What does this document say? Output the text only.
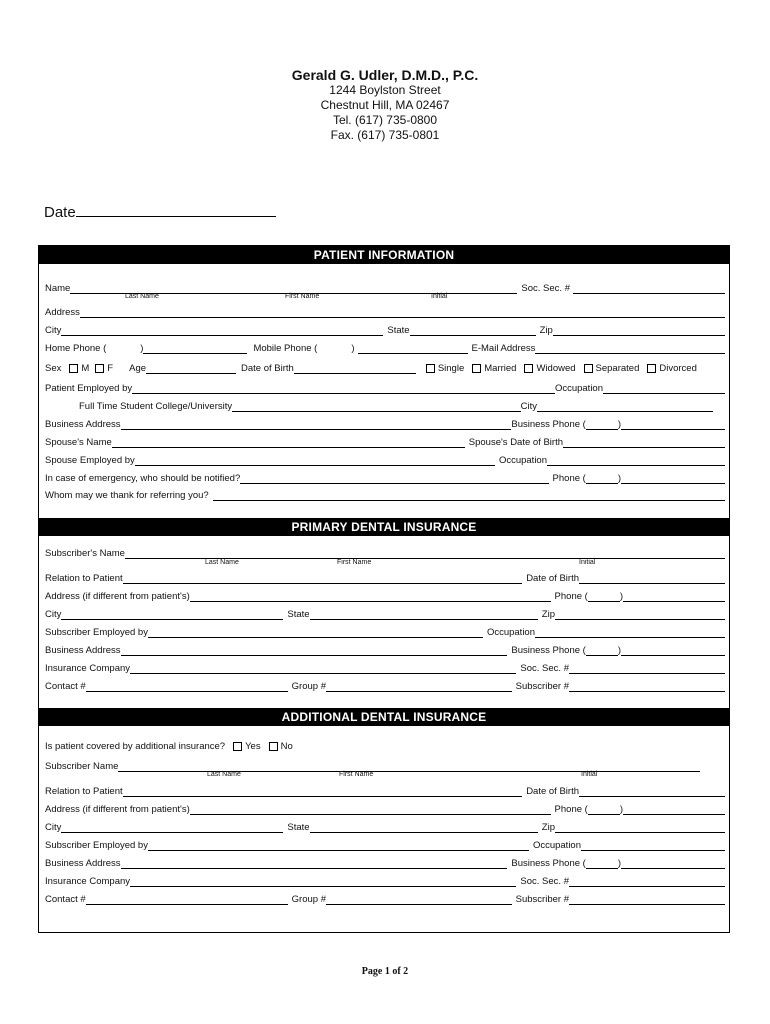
Gerald G. Udler, D.M.D., P.C.
1244 Boylston Street
Chestnut Hill, MA 02467
Tel. (617) 735-0800
Fax. (617) 735-0801
Date
PATIENT INFORMATION
Name	Soc. Sec. #
Last Name	First Name	Initial
Address
City	State	Zip
Home Phone (	)	Mobile Phone (	)	E-Mail Address
Sex M F Age	Date of Birth	Single Married Widowed Separated Divorced
Patient Employed by	Occupation
Full Time Student College/University	City
Business Address	Business Phone (	)
Spouse's Name	Spouse's Date of Birth
Spouse Employed by	Occupation
In case of emergency, who should be notified?	Phone (	)
Whom may we thank for referring you?
PRIMARY DENTAL INSURANCE
Subscriber's Name
Last Name	First Name	Initial
Relation to Patient	Date of Birth
Address (if different from patient's)	Phone (	)
City	State	Zip
Subscriber Employed by	Occupation
Business Address	Business Phone (	)
Insurance Company	Soc. Sec. #
Contact #	Group #	Subscriber #
ADDITIONAL DENTAL INSURANCE
Is patient covered by additional insurance? Yes No
Subscriber Name
Last Name	First Name	Initial
Relation to Patient	Date of Birth
Address (if different from patient's)	Phone (	)
City	State	Zip
Subscriber Employed by	Occupation
Business Address	Business Phone (	)
Insurance Company	Soc. Sec. #
Contact #	Group #	Subscriber #
Page 1 of 2
